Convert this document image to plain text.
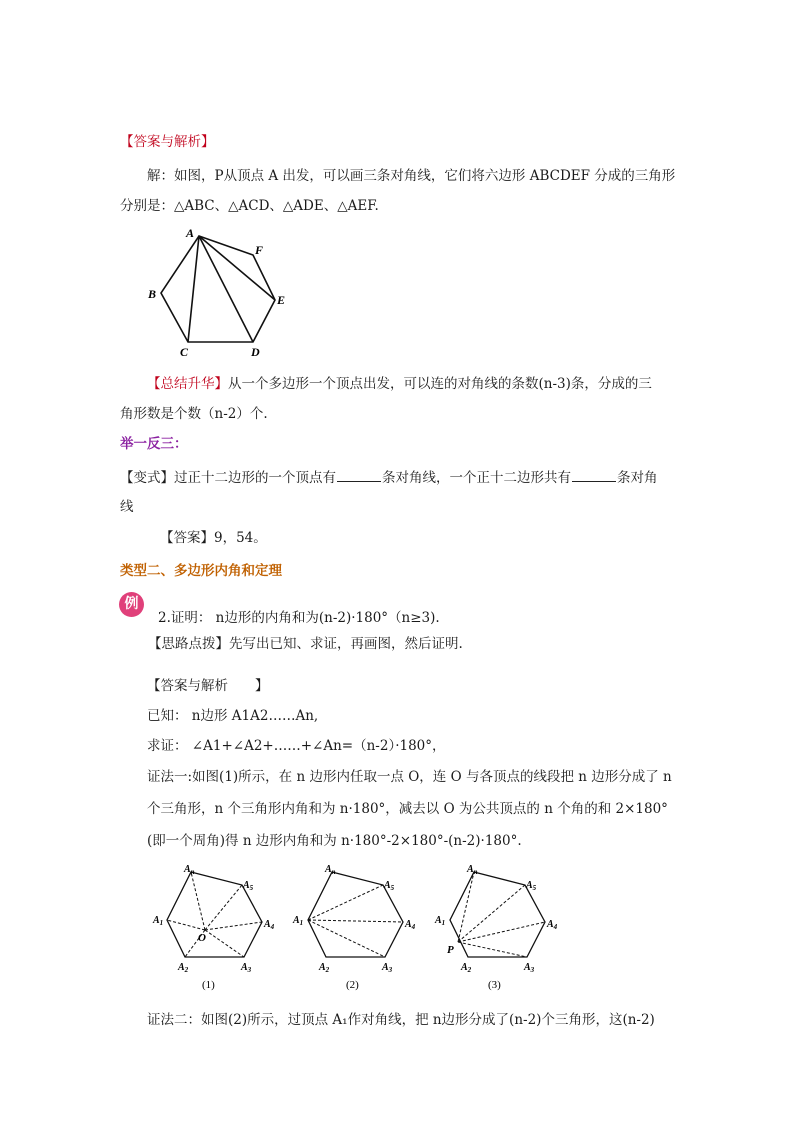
【答案与解析】
解：如图，P从顶点 A 出发，可以画三条对角线，它们将六边形 ABCDEF 分成的三角形
分别是：△ABC、△ACD、△ADE、△AEF.
A
F
E
B
C	D
【总结升华】从一个多边形一个顶点出发，可以连的对角线的条数(n-3)条，分成的三
角形数是个数（n-2）个.
举一反三：
【变式】过正十二边形的一个顶点有	条对角线，一个正十二边形共有	条对角
线
【答案】9，54。
类型二、多边形内角和定理
例
2.证明： n边形的内角和为(n-2)·180°（n≥3).
【思路点拨】先写出已知、求证，再画图，然后证明.
【答案与解析　　】
已知： n边形 A1A2……An,
求证： ∠A1+∠A2+……+∠An=（n-2）·180°，
证法一:如图(1)所示，在 n 边形内任取一点 O，连 O 与各顶点的线段把 n 边形分成了 n
个三角形，n 个三角形内角和为 n·180°，减去以 O 为公共顶点的 n 个角的和 2×180°
(即一个周角)得 n 边形内角和为 n·180°-2×180°-(n-2)·180°.
$A_n$
$A_5$
$A_4$
$A_3$
$A_2$
$A_1$
O
(1)
$A_n$
$A_5$
$A_4$
$A_3$
$A_2$
$A_1$
(2)
$A_n$
$A_5$
$A_4$
$A_3$
$A_2$
$A_1$
P
(3)
证法二：如图(2)所示，过顶点 A₁作对角线，把 n边形分成了(n-2)个三角形，这(n-2)
